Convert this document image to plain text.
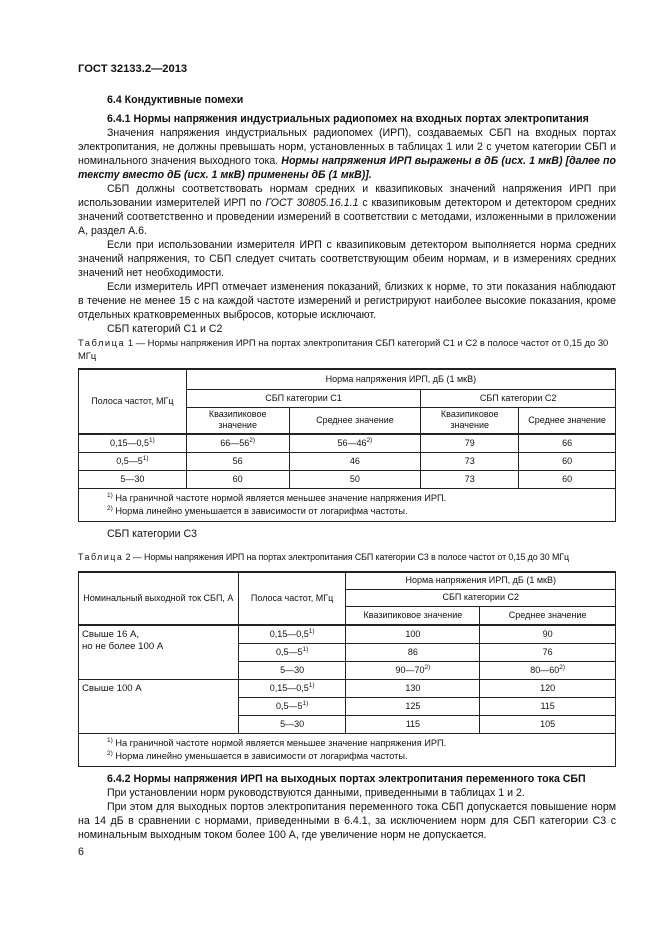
ГОСТ 32133.2—2013
6.4 Кондуктивные помехи
6.4.1 Нормы напряжения индустриальных радиопомех на входных портах электропитания

Значения напряжения индустриальных радиопомех (ИРП), создаваемых СБП на входных портах электропитания, не должны превышать норм, установленных в таблицах 1 или 2 с учетом категории СБП и номинального значения выходного тока. Нормы напряжения ИРП выражены в дБ (исх. 1 мкВ) [далее по тексту вместо дБ (исх. 1 мкВ) применены дБ (1 мкВ)].

СБП должны соответствовать нормам средних и квазипиковых значений напряжения ИРП при использовании измерителей ИРП по ГОСТ 30805.16.1.1 с квазипиковым детектором и детектором средних значений соответственно и проведении измерений в соответствии с методами, изложенными в приложении А, раздел А.6.

Если при использовании измерителя ИРП с квазипиковым детектором выполняется норма средних значений напряжения, то СБП следует считать соответствующим обеим нормам, и в измерениях средних значений нет необходимости.

Если измеритель ИРП отмечает изменения показаний, близких к норме, то эти показания наблюдают в течение не менее 15 с на каждой частоте измерений и регистрируют наиболее высокие показания, кроме отдельных кратковременных выбросов, которые исключают.

СБП категорий С1 и С2

Таблица 1 — Нормы напряжения ИРП на портах электропитания СБП категорий С1 и С2 в полосе частот от 0,15 до 30 МГц
Полоса частот, МГц	Норма напряжения ИРП, дБ (1 мкВ)			
	СБП категории С1		СБП категории С2	
	Квазипиковое значение	Среднее значение	Квазипиковое значение	Среднее значение
0,15—0,5$^{1)}$	66—56$^{2)}$	56—46$^{2)}$	79	66
0,5—5$^{1)}$	56	46	73	60
5—30	60	50	73	60

$^{1)}$ На граничной частоте нормой является меньшее значение напряжения ИРП.
$^{2)}$ Норма линейно уменьшается в зависимости от логарифма частоты.				
СБП категории С3
Таблица 2 — Нормы напряжения ИРП на портах электропитания СБП категории С3 в полосе частот от 0,15 до 30 МГц
Номинальный выходной ток СБП, А	Полоса частот, МГц	Норма напряжения ИРП, дБ (1 мкВ)	
		СБП категории С2	
		Квазипиковое значение	Среднее значение

Свыше 16 А,
но не более 100 А	0,15—0,5$^{1)}$	100	90
	0,5—5$^{1)}$	86	76
	5—30	90—70$^{2)}$	80—60$^{2)}$
Свыше 100 А	0,15—0,5$^{1)}$	130	120
	0,5—5$^{1)}$	125	115
	5—30	115	105

$^{1)}$ На граничной частоте нормой является меньшее значение напряжения ИРП.
$^{2)}$ Норма линейно уменьшается в зависимости от логарифма частоты.			

6.4.2 Нормы напряжения ИРП на выходных портах электропитания переменного тока СБП

При установлении норм руководствуются данными, приведенными в таблицах 1 и 2.

При этом для выходных портов электропитания переменного тока СБП допускается повышение норм на 14 дБ в сравнении с нормами, приведенными в 6.4.1, за исключением норм для СБП категории С3 с номинальным выходным током более 100 А, где увеличение норм не допускается.

6
